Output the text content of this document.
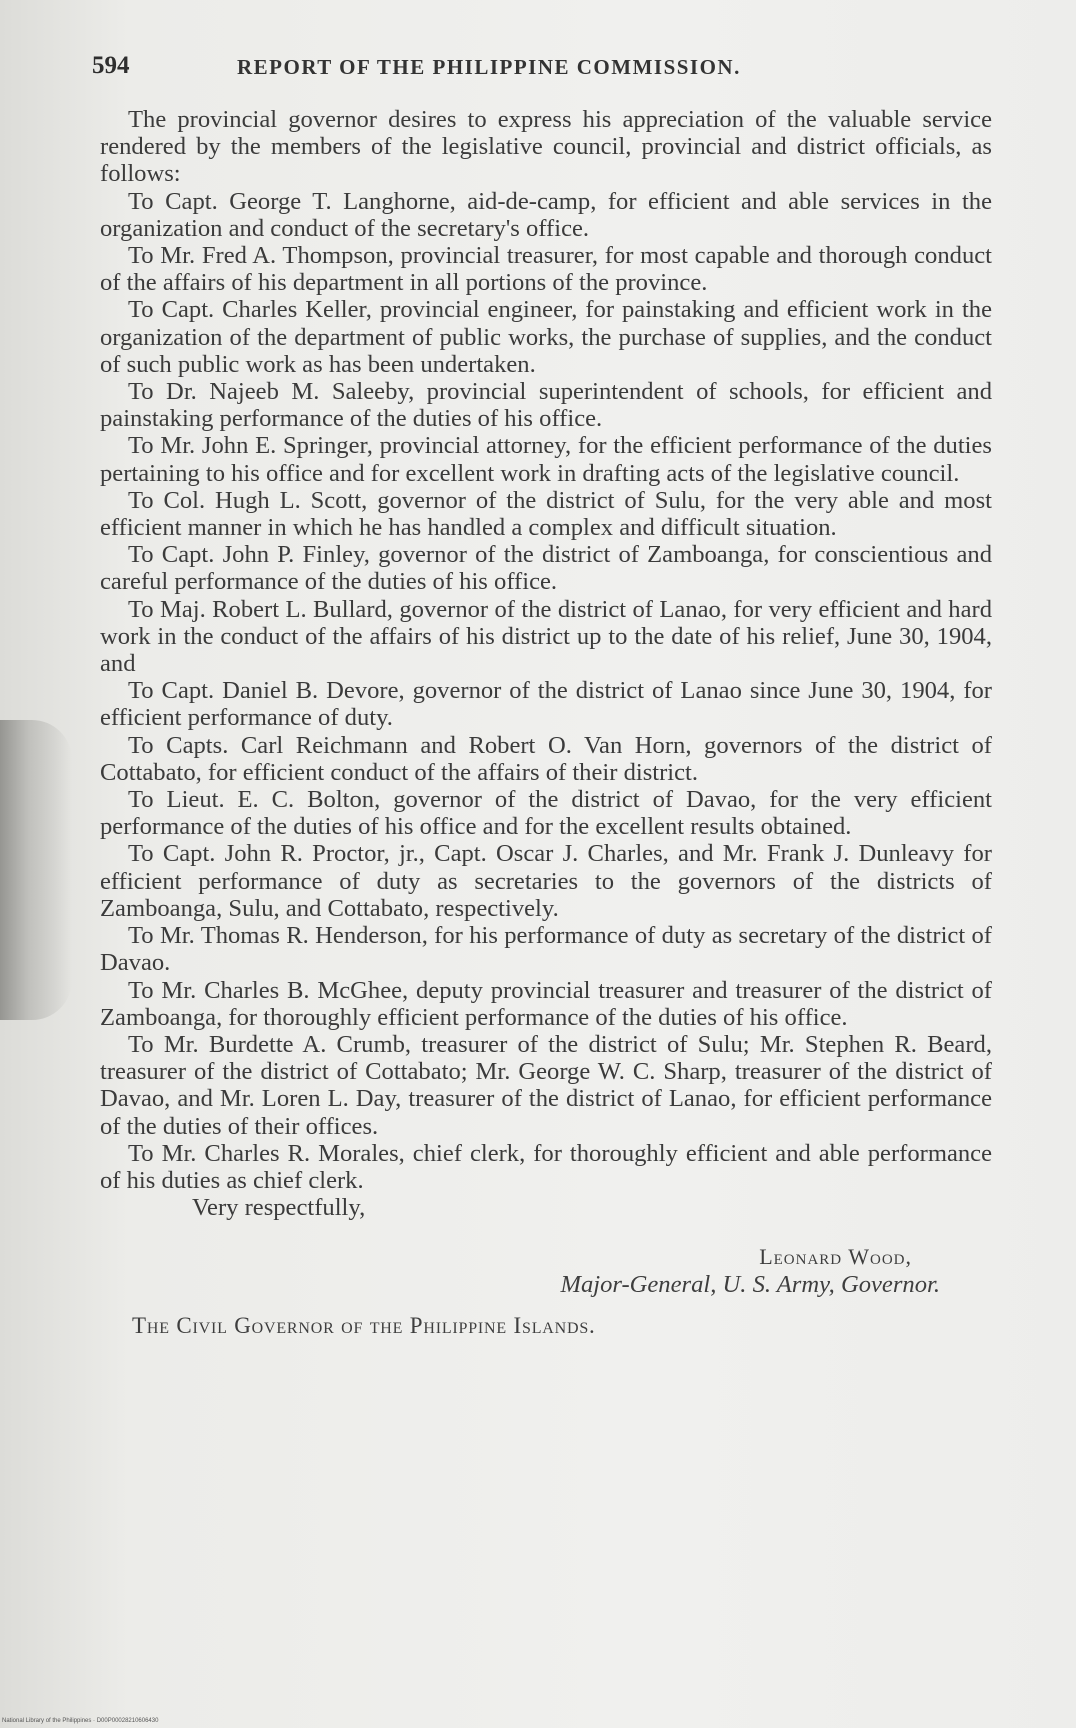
594	REPORT OF THE PHILIPPINE COMMISSION.

The provincial governor desires to express his appreciation of the valuable service rendered by the members of the legislative council, provincial and district officials, as follows:

To Capt. George T. Langhorne, aid-de-camp, for efficient and able services in the organization and conduct of the secretary's office.

To Mr. Fred A. Thompson, provincial treasurer, for most capable and thorough conduct of the affairs of his department in all portions of the province.

To Capt. Charles Keller, provincial engineer, for painstaking and efficient work in the organization of the department of public works, the purchase of supplies, and the conduct of such public work as has been undertaken.

To Dr. Najeeb M. Saleeby, provincial superintendent of schools, for efficient and painstaking performance of the duties of his office.

To Mr. John E. Springer, provincial attorney, for the efficient performance of the duties pertaining to his office and for excellent work in drafting acts of the legislative council.

To Col. Hugh L. Scott, governor of the district of Sulu, for the very able and most efficient manner in which he has handled a complex and difficult situation.

To Capt. John P. Finley, governor of the district of Zamboanga, for conscientious and careful performance of the duties of his office.

To Maj. Robert L. Bullard, governor of the district of Lanao, for very efficient and hard work in the conduct of the affairs of his district up to the date of his relief, June 30, 1904, and

To Capt. Daniel B. Devore, governor of the district of Lanao since June 30, 1904, for efficient performance of duty.

To Capts. Carl Reichmann and Robert O. Van Horn, governors of the district of Cottabato, for efficient conduct of the affairs of their district.

To Lieut. E. C. Bolton, governor of the district of Davao, for the very efficient performance of the duties of his office and for the excellent results obtained.

To Capt. John R. Proctor, jr., Capt. Oscar J. Charles, and Mr. Frank J. Dunleavy for efficient performance of duty as secretaries to the governors of the districts of Zamboanga, Sulu, and Cottabato, respectively.

To Mr. Thomas R. Henderson, for his performance of duty as secretary of the district of Davao.

To Mr. Charles B. McGhee, deputy provincial treasurer and treasurer of the district of Zamboanga, for thoroughly efficient performance of the duties of his office.

To Mr. Burdette A. Crumb, treasurer of the district of Sulu; Mr. Stephen R. Beard, treasurer of the district of Cottabato; Mr. George W. C. Sharp, treasurer of the district of Davao, and Mr. Loren L. Day, treasurer of the district of Lanao, for efficient performance of the duties of their offices.

To Mr. Charles R. Morales, chief clerk, for thoroughly efficient and able performance of his duties as chief clerk.

Very respectfully,

Leonard Wood,

Major-General, U. S. Army, Governor.

The Civil Governor of the Philippine Islands.

National Library of the Philippines · D00P00028210606430
